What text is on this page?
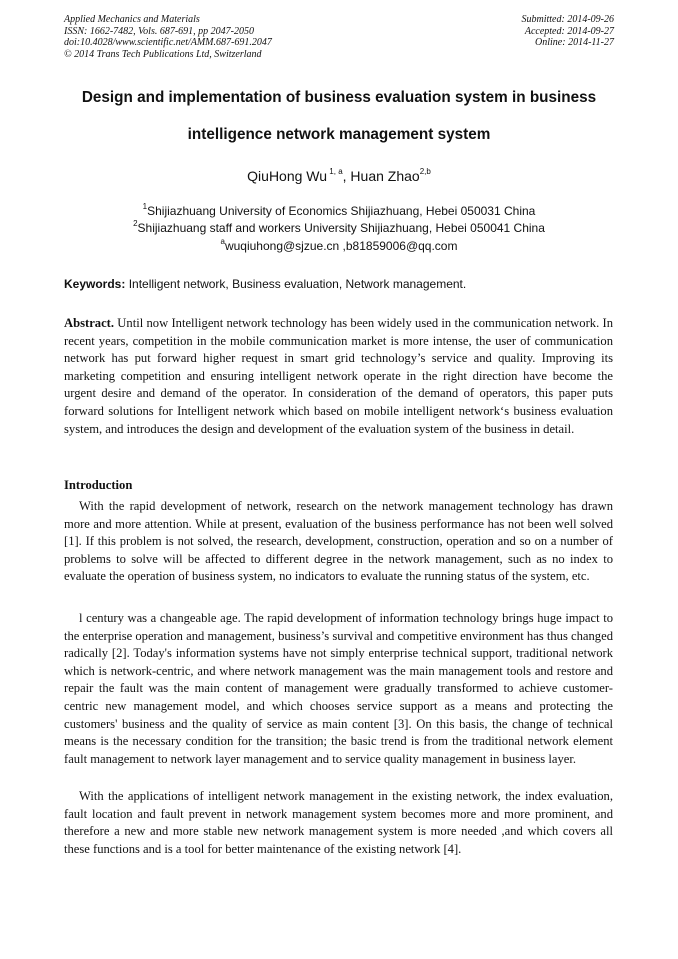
Applied Mechanics and Materials
ISSN: 1662-7482, Vols. 687-691, pp 2047-2050
doi:10.4028/www.scientific.net/AMM.687-691.2047
© 2014 Trans Tech Publications Ltd, Switzerland
Submitted: 2014-09-26
Accepted: 2014-09-27
Online: 2014-11-27
Design and implementation of business evaluation system in business
intelligence network management system
QiuHong Wu $^{1, a}$, Huan Zhao$^{2,b}$
$^1$Shijiazhuang University of Economics Shijiazhuang, Hebei 050031 China
$^2$Shijiazhuang staff and workers University Shijiazhuang, Hebei 050041 China
$^a$wuqiuhong@sjzue.cn ,b81859006@qq.com
Keywords: Intelligent network, Business evaluation, Network management.
Abstract. Until now Intelligent network technology has been widely used in the communication network. In recent years, competition in the mobile communication market is more intense, the user of communication network has put forward higher request in smart grid technology’s service and quality. Improving its marketing competition and ensuring intelligent network operate in the right direction have become the urgent desire and demand of the operator. In consideration of the demand of operators, this paper puts forward solutions for Intelligent network which based on mobile intelligent network‘s business evaluation system, and introduces the design and development of the evaluation system of the business in detail.
Introduction
With the rapid development of network, research on the network management technology has drawn more and more attention. While at present, evaluation of the business performance has not been well solved [1]. If this problem is not solved, the research, development, construction, operation and so on a number of problems to solve will be affected to different degree in the network management, such as no index to evaluate the operation of business system, no indicators to evaluate the running status of the system, etc.
l century was a changeable age. The rapid development of information technology brings huge impact to the enterprise operation and management, business’s survival and competitive environment has thus changed radically [2]. Today's information systems have not simply enterprise technical support, traditional network which is network-centric, and where network management was the main management tools and restore and repair the fault was the main content of management were gradually transformed to achieve customer-centric new management model, and which chooses service support as a means and protecting the customers' business and the quality of service as main content [3]. On this basis, the change of technical means is the necessary condition for the transition; the basic trend is from the traditional network element fault management to network layer management and to service quality management in business layer.
With the applications of intelligent network management in the existing network, the index evaluation, fault location and fault prevent in network management system becomes more and more prominent, and therefore a new and more stable new network management system is more needed ,and which covers all these functions and is a tool for better maintenance of the existing network [4].
